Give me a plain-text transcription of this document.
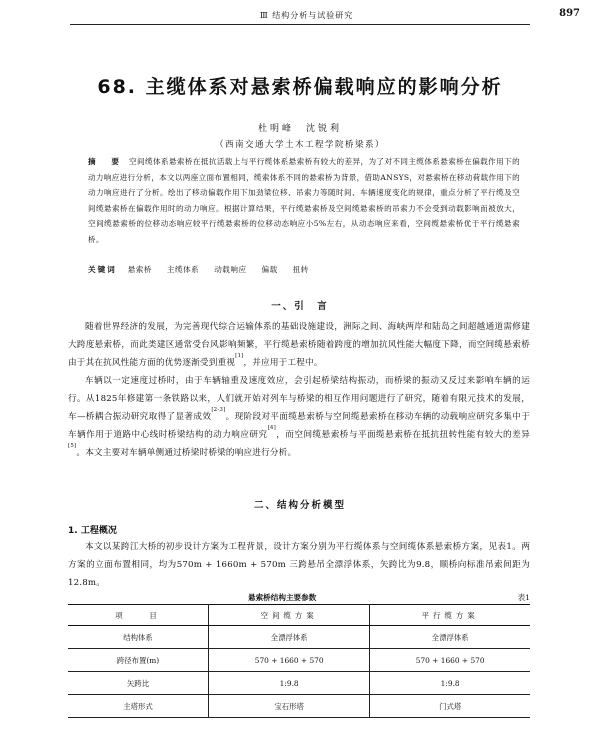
Ⅲ 结构分析与试验研究	897
68. 主缆体系对悬索桥偏载响应的影响分析
杜明峰　沈锐利
（西南交通大学土木工程学院桥梁系）
摘　要 空间缆体系悬索桥在抵抗活载上与平行缆体系悬索桥有较大的差异，为了对不同主缆体系悬索桥在偏载作用下的动力响应进行分析，本文以两座立面布置相同，缆索体系不同的悬索桥为背景，借助ANSYS，对悬索桥在移动荷载作用下的动力响应进行了分析。绘出了移动偏载作用下加劲梁位移、吊索力等随时间、车辆速度变化的规律，重点分析了平行缆及空间缆悬索桥在偏载作用时的动力响应。根据计算结果，平行缆悬索桥及空间缆悬索桥的吊索力不会受到动载影响而被放大，空间缆悬索桥的位移动态响应较平行缆悬索桥的位移动态响应小5%左右，从动态响应来看，空间缆悬索桥优于平行缆悬索桥。
关键词 悬索桥 主缆体系 动载响应 偏载 扭转
一、引　言

随着世界经济的发展，为完善现代综合运输体系的基础设施建设，洲际之间、海峡两岸和陆岛之间超越通道需修建大跨度悬索桥，而此类建区通常受台风影响频繁，平行缆悬索桥随着跨度的增加抗风性能大幅度下降，而空间缆悬索桥由于其在抗风性能方面的优势逐渐受到重视[1]，并应用于工程中。

车辆以一定速度过桥时，由于车辆轴重及速度效应，会引起桥梁结构振动，而桥梁的振动又反过来影响车辆的运行。从1825年修建第一条铁路以来，人们就开始对列车与桥梁的相互作用问题进行了研究，随着有限元技术的发展，车—桥耦合振动研究取得了显著成效[2-3]。现阶段对平面缆悬索桥与空间缆悬索桥在移动车辆的动载响应研究多集中于车辆作用于道路中心线时桥梁结构的动力响应研究[4]，而空间缆悬索桥与平面缆悬索桥在抵抗扭转性能有较大的差异[5]。本文主要对车辆单侧通过桥梁时桥梁的响应进行分析。

二、结构分析模型
1. 工程概况

本文以某跨江大桥的初步设计方案为工程背景，设计方案分别为平行缆体系与空间缆体系悬索桥方案，见表1。两方案的立面布置相同，均为570m + 1660m + 570m 三跨悬吊全漂浮体系，矢跨比为9.8，顺桥向标准吊索间距为12.8m。

悬索桥结构主要参数	表1
项　　目	空间缆方案	平行缆方案
结构体系	全漂浮体系	全漂浮体系
跨径布置(m)	570 + 1660 + 570	570 + 1660 + 570
矢跨比	1:9.8	1:9.8
主塔形式	宝石形塔	门式塔
